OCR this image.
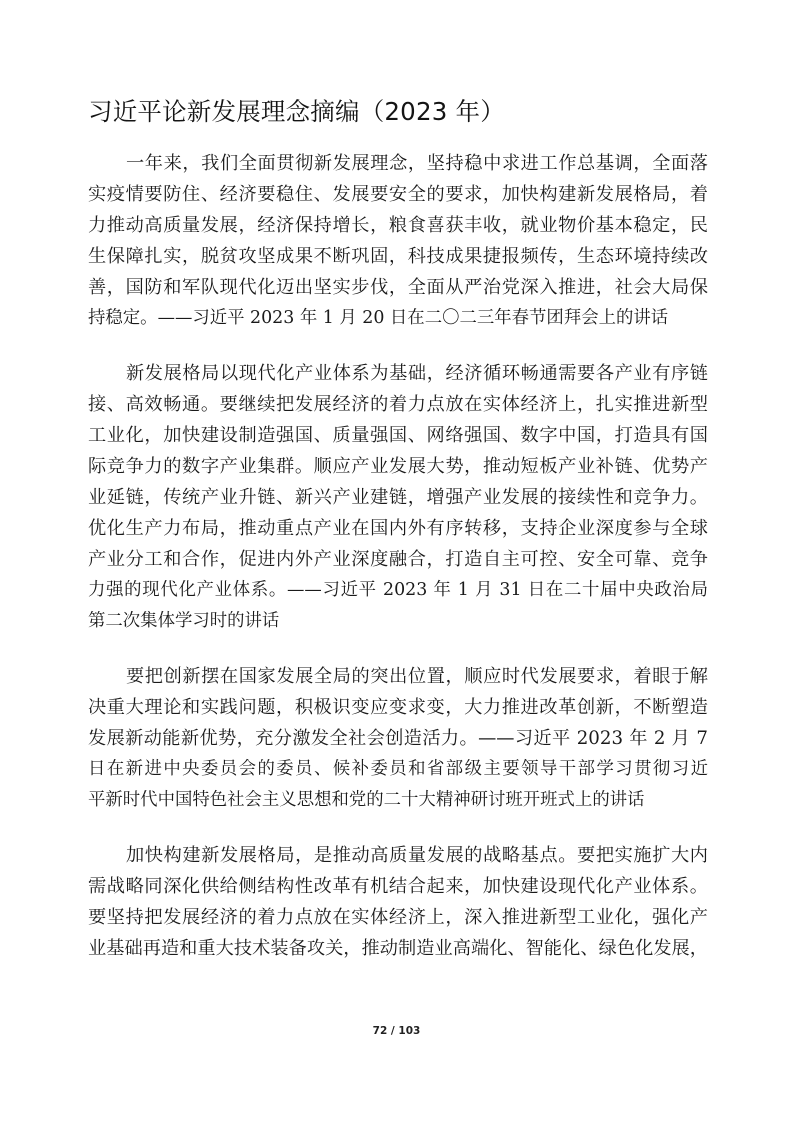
习近平论新发展理念摘编（2023 年）
一年来，我们全面贯彻新发展理念，坚持稳中求进工作总基调，全面落
实疫情要防住、经济要稳住、发展要安全的要求，加快构建新发展格局，着
力推动高质量发展，经济保持增长，粮食喜获丰收，就业物价基本稳定，民
生保障扎实，脱贫攻坚成果不断巩固，科技成果捷报频传，生态环境持续改
善，国防和军队现代化迈出坚实步伐，全面从严治党深入推进，社会大局保
持稳定。——习近平 2023 年 1 月 20 日在二〇二三年春节团拜会上的讲话
新发展格局以现代化产业体系为基础，经济循环畅通需要各产业有序链
接、高效畅通。要继续把发展经济的着力点放在实体经济上，扎实推进新型
工业化，加快建设制造强国、质量强国、网络强国、数字中国，打造具有国
际竞争力的数字产业集群。顺应产业发展大势，推动短板产业补链、优势产
业延链，传统产业升链、新兴产业建链，增强产业发展的接续性和竞争力。
优化生产力布局，推动重点产业在国内外有序转移，支持企业深度参与全球
产业分工和合作，促进内外产业深度融合，打造自主可控、安全可靠、竞争
力强的现代化产业体系。——习近平 2023 年 1 月 31 日在二十届中央政治局
第二次集体学习时的讲话
要把创新摆在国家发展全局的突出位置，顺应时代发展要求，着眼于解
决重大理论和实践问题，积极识变应变求变，大力推进改革创新，不断塑造
发展新动能新优势，充分激发全社会创造活力。——习近平 2023 年 2 月 7
日在新进中央委员会的委员、候补委员和省部级主要领导干部学习贯彻习近
平新时代中国特色社会主义思想和党的二十大精神研讨班开班式上的讲话
加快构建新发展格局，是推动高质量发展的战略基点。要把实施扩大内
需战略同深化供给侧结构性改革有机结合起来，加快建设现代化产业体系。
要坚持把发展经济的着力点放在实体经济上，深入推进新型工业化，强化产
业基础再造和重大技术装备攻关，推动制造业高端化、智能化、绿色化发展，
72 / 103
